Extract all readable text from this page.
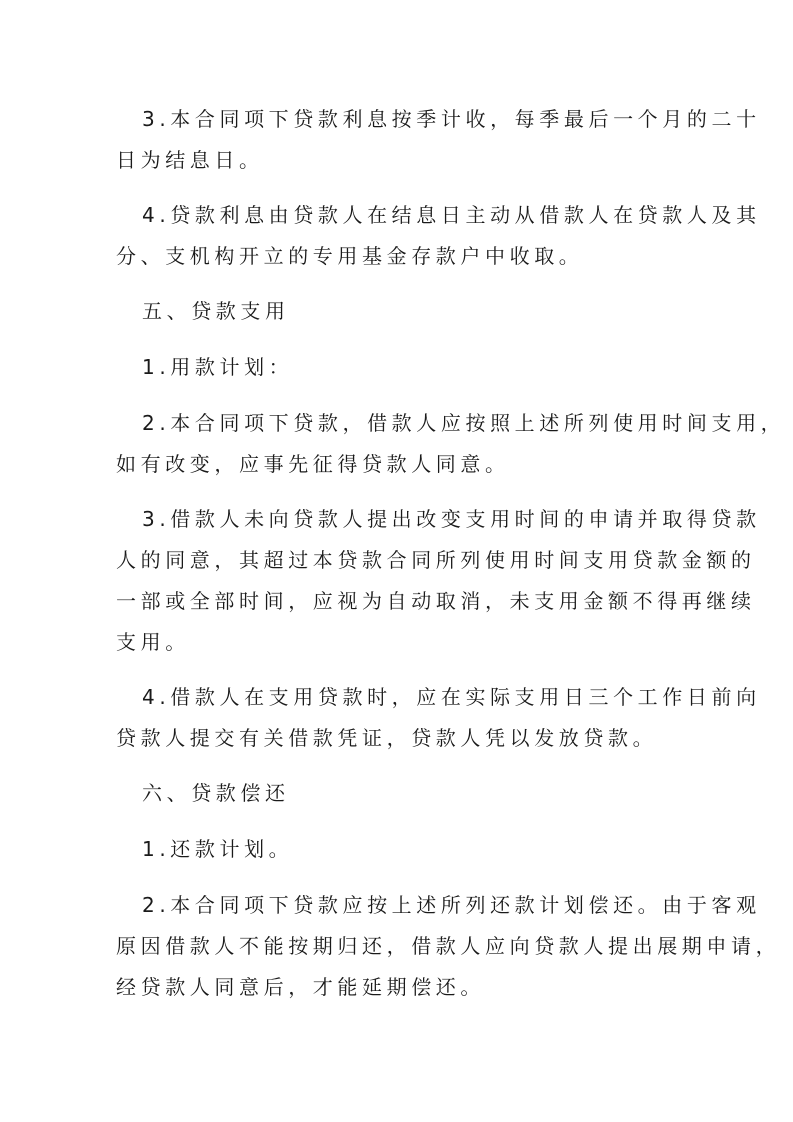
3.本合同项下贷款利息按季计收，每季最后一个月的二十
日为结息日。
4.贷款利息由贷款人在结息日主动从借款人在贷款人及其
分、支机构开立的专用基金存款户中收取。
五、贷款支用
1.用款计划：
2.本合同项下贷款，借款人应按照上述所列使用时间支用，
如有改变，应事先征得贷款人同意。
3.借款人未向贷款人提出改变支用时间的申请并取得贷款
人的同意，其超过本贷款合同所列使用时间支用贷款金额的
一部或全部时间，应视为自动取消，未支用金额不得再继续
支用。
4.借款人在支用贷款时，应在实际支用日三个工作日前向
贷款人提交有关借款凭证，贷款人凭以发放贷款。
六、贷款偿还
1.还款计划。
2.本合同项下贷款应按上述所列还款计划偿还。由于客观
原因借款人不能按期归还，借款人应向贷款人提出展期申请，
经贷款人同意后，才能延期偿还。
